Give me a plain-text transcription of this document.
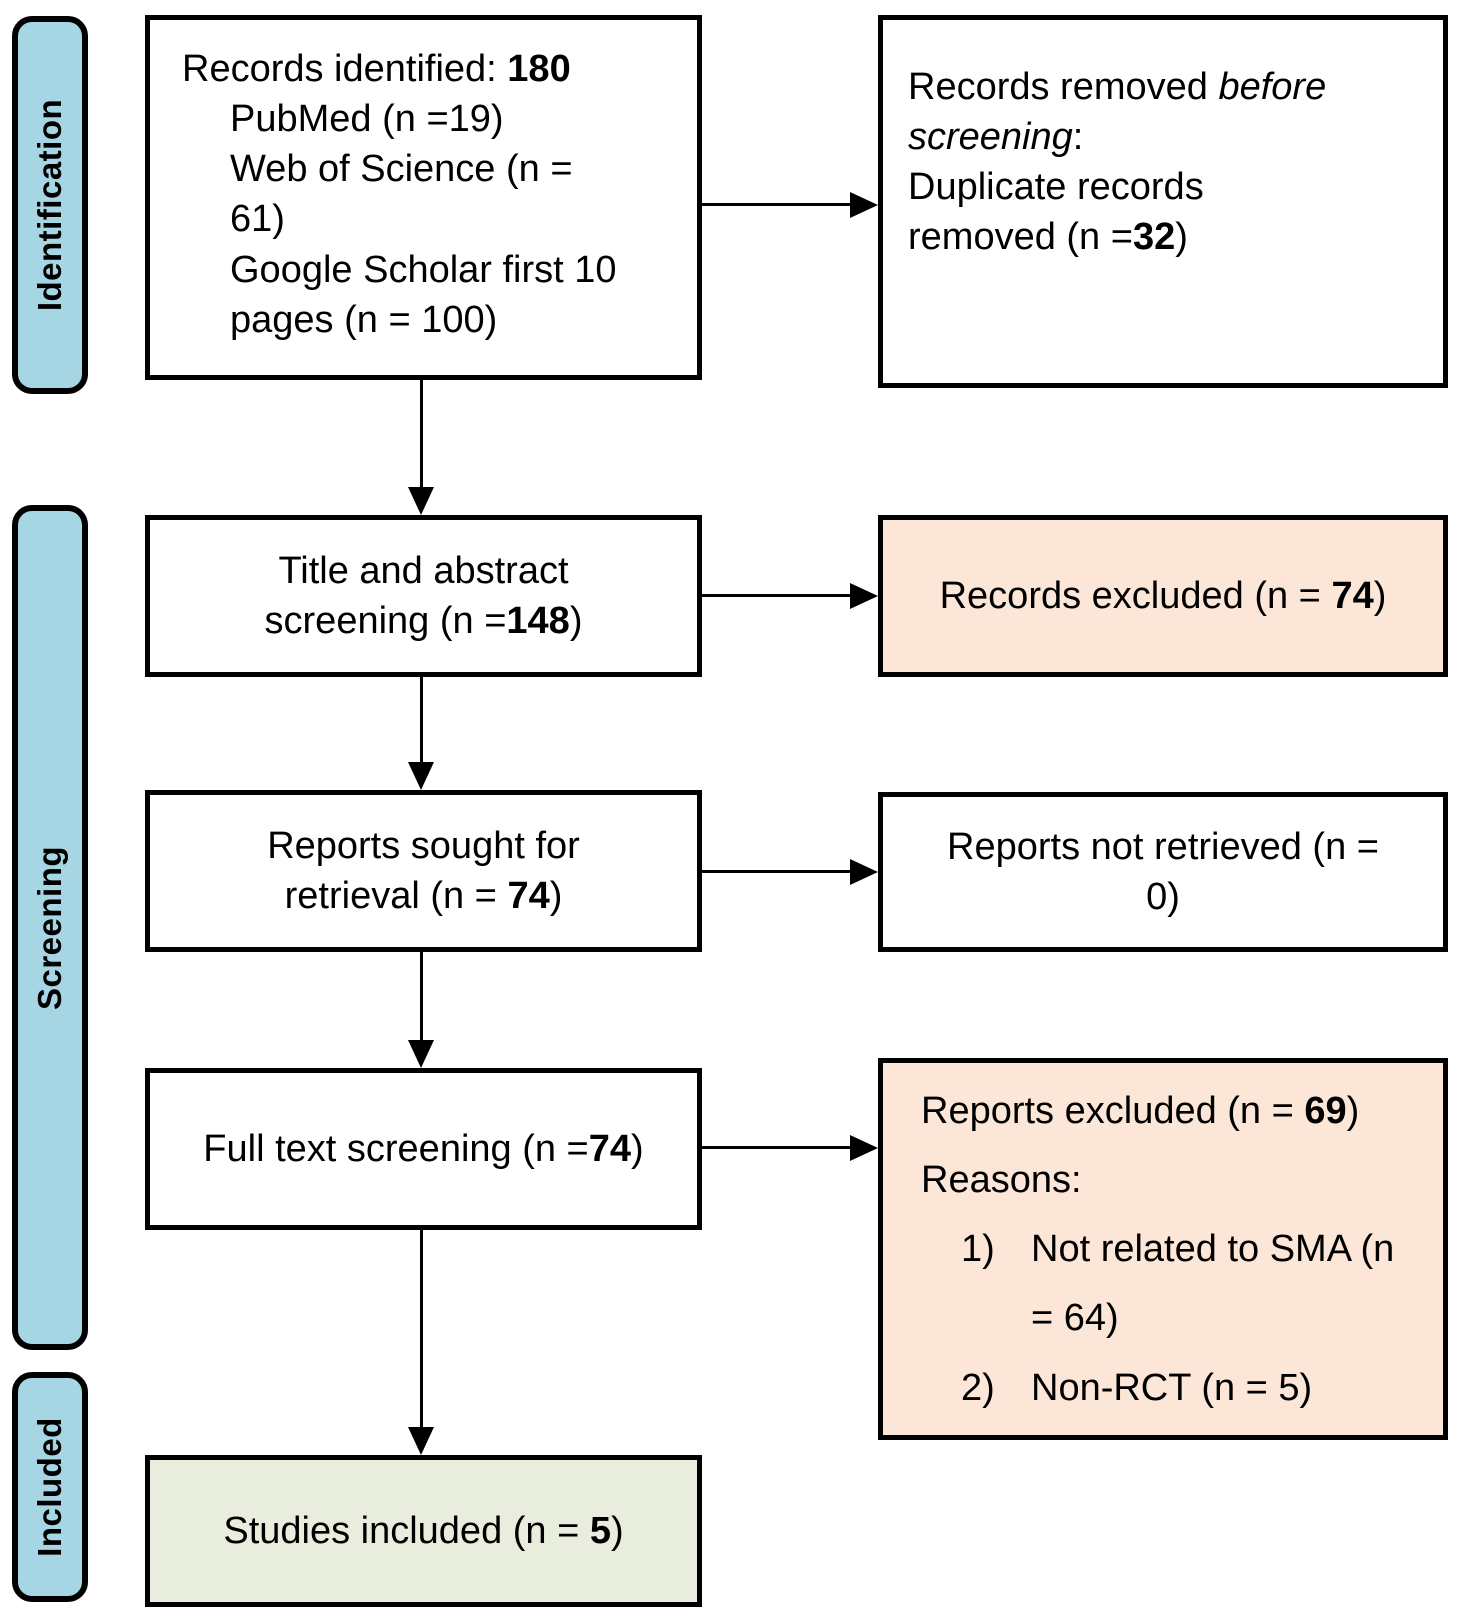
Identification
Screening
Included

Records identified: 180

PubMed (n =19)

Web of Science (n = 61)

Google Scholar first 10 pages (n = 100)

Records removed before screening:

Duplicate records removed (n =32)

Title and abstract screening (n =148)

Records excluded (n = 74)

Reports sought for retrieval (n = 74)

Reports not retrieved (n = 0)

Full text screening (n =74)

Reports excluded (n = 69)

Reasons:

1) Not related to SMA (n = 64)
2) Non-RCT (n = 5)

Studies included (n = 5)
